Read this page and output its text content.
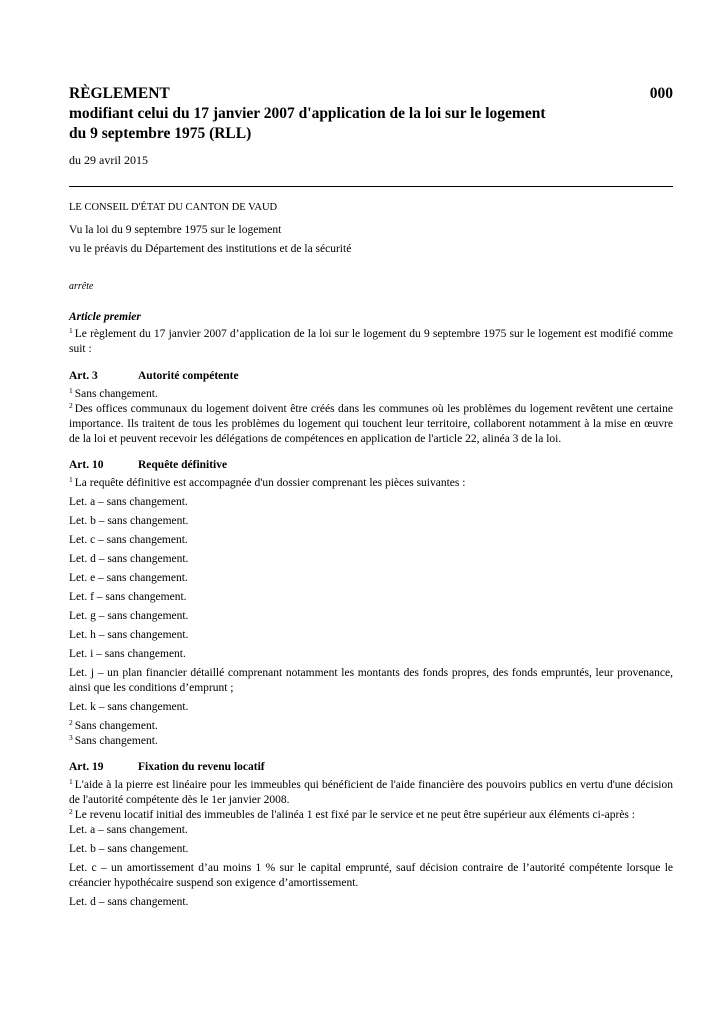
RÈGLEMENT	000
modifiant celui du 17 janvier 2007 d'application de la loi sur le logement
du 9 septembre 1975 (RLL)
du 29 avril 2015
LE CONSEIL D'ÉTAT DU CANTON DE VAUD
Vu la loi du 9 septembre 1975 sur le logement
vu le préavis du Département des institutions et de la sécurité
arrête
Article premier

$^1$ Le règlement du 17 janvier 2007 d’application de la loi sur le logement du 9 septembre 1975 sur le logement est modifié comme suit :

Art. 3	Autorité compétente

$^1$ Sans changement.

$^2$ Des offices communaux du logement doivent être créés dans les communes où les problèmes du logement revêtent une certaine importance. Ils traitent de tous les problèmes du logement qui touchent leur territoire, collaborent notamment à la mise en œuvre de la loi et peuvent recevoir les délégations de compétences en application de l'article 22, alinéa 3 de la loi.

Art. 10	Requête définitive

$^1$ La requête définitive est accompagnée d'un dossier comprenant les pièces suivantes :

Let. a – sans changement.
Let. b – sans changement.
Let. c – sans changement.
Let. d – sans changement.
Let. e – sans changement.
Let. f – sans changement.
Let. g – sans changement.
Let. h – sans changement.
Let. i – sans changement.

Let. j – un plan financier détaillé comprenant notamment les montants des fonds propres, des fonds empruntés, leur provenance, ainsi que les conditions d’emprunt ;

Let. k – sans changement.

$^2$ Sans changement.

$^3$ Sans changement.

Art. 19	Fixation du revenu locatif

$^1$ L'aide à la pierre est linéaire pour les immeubles qui bénéficient de l'aide financière des pouvoirs publics en vertu d'une décision de l'autorité compétente dès le 1er janvier 2008.

$^2$ Le revenu locatif initial des immeubles de l'alinéa 1 est fixé par le service et ne peut être supérieur aux éléments ci-après :

Let. a – sans changement.
Let. b – sans changement.

Let. c – un amortissement d’au moins 1 % sur le capital emprunté, sauf décision contraire de l’autorité compétente lorsque le créancier hypothécaire suspend son exigence d’amortissement.

Let. d – sans changement.
